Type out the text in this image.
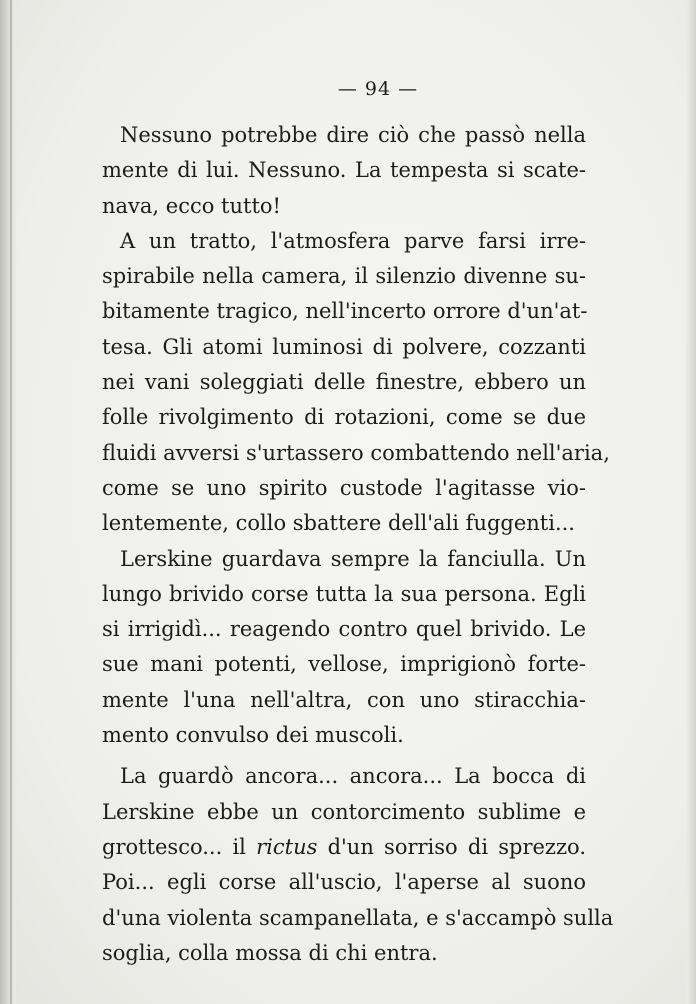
— 94 —

Nessuno potrebbe dire ciò che passò nella
mente di lui. Nessuno. La tempesta si scate-
nava, ecco tutto!

A un tratto, l'atmosfera parve farsi irre-
spirabile nella camera, il silenzio divenne su-
bitamente tragico, nell'incerto orrore d'un'at-
tesa. Gli atomi luminosi di polvere, cozzanti
nei vani soleggiati delle finestre, ebbero un
folle rivolgimento di rotazioni, come se due
fluidi avversi s'urtassero combattendo nell'aria,
come se uno spirito custode l'agitasse vio-
lentemente, collo sbattere dell'ali fuggenti...

Lerskine guardava sempre la fanciulla. Un
lungo brivido corse tutta la sua persona. Egli
si irrigidì... reagendo contro quel brivido. Le
sue mani potenti, vellose, imprigionò forte-
mente l'una nell'altra, con uno stiracchia-
mento convulso dei muscoli.

La guardò ancora... ancora... La bocca di
Lerskine ebbe un contorcimento sublime e
grottesco... il rictus d'un sorriso di sprezzo.
Poi... egli corse all'uscio, l'aperse al suono
d'una violenta scampanellata, e s'accampò sulla
soglia, colla mossa di chi entra.
